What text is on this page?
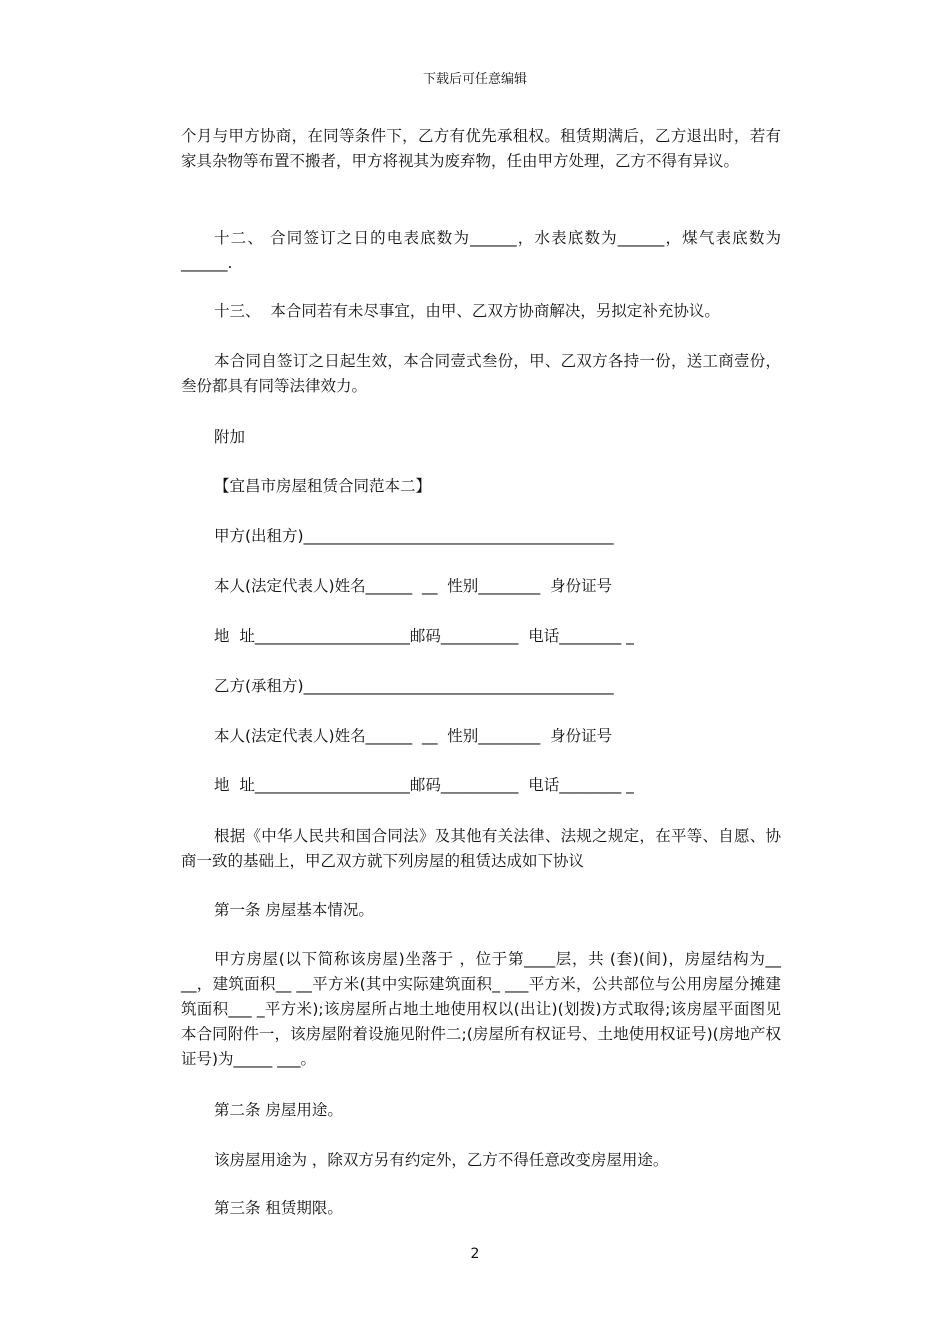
下载后可任意编辑

个月与甲方协商，在同等条件下，乙方有优先承租权。租赁期满后，乙方退出时，若有家具杂物等布置不搬者，甲方将视其为废弃物，任由甲方处理，乙方不得有异议。

十二、 合同签订之日的电表底数为______，水表底数为______，煤气表底数为______.

十三、  本合同若有未尽事宜，由甲、乙双方协商解决，另拟定补充协议。

本合同自签订之日起生效，本合同壹式叁份，甲、乙双方各持一份，送工商壹份，叁份都具有同等法律效力。

附加
【宜昌市房屋租赁合同范本二】
甲方(出租方)________________________________________
本人(法定代表人)姓名______  __  性别________  身份证号
地  址____________________邮码__________  电话________ _
乙方(承租方)________________________________________
本人(法定代表人)姓名______  __  性别________  身份证号
地  址____________________邮码__________  电话________ _

根据《中华人民共和国合同法》及其他有关法律、法规之规定，在平等、自愿、协商一致的基础上，甲乙双方就下列房屋的租赁达成如下协议

第一条 房屋基本情况。

甲方房屋(以下简称该房屋)坐落于 ，位于第____层，共 (套)(间)，房屋结构为__ __，建筑面积__ __平方米(其中实际建筑面积_ ___平方米，公共部位与公用房屋分摊建筑面积___ _平方米);该房屋所占地土地使用权以(出让)(划拨)方式取得;该房屋平面图见本合同附件一，该房屋附着设施见附件二;(房屋所有权证号、土地使用权证号)(房地产权证号)为_____ ___。

第二条 房屋用途。
该房屋用途为 ，除双方另有约定外，乙方不得任意改变房屋用途。
第三条 租赁期限。
2
